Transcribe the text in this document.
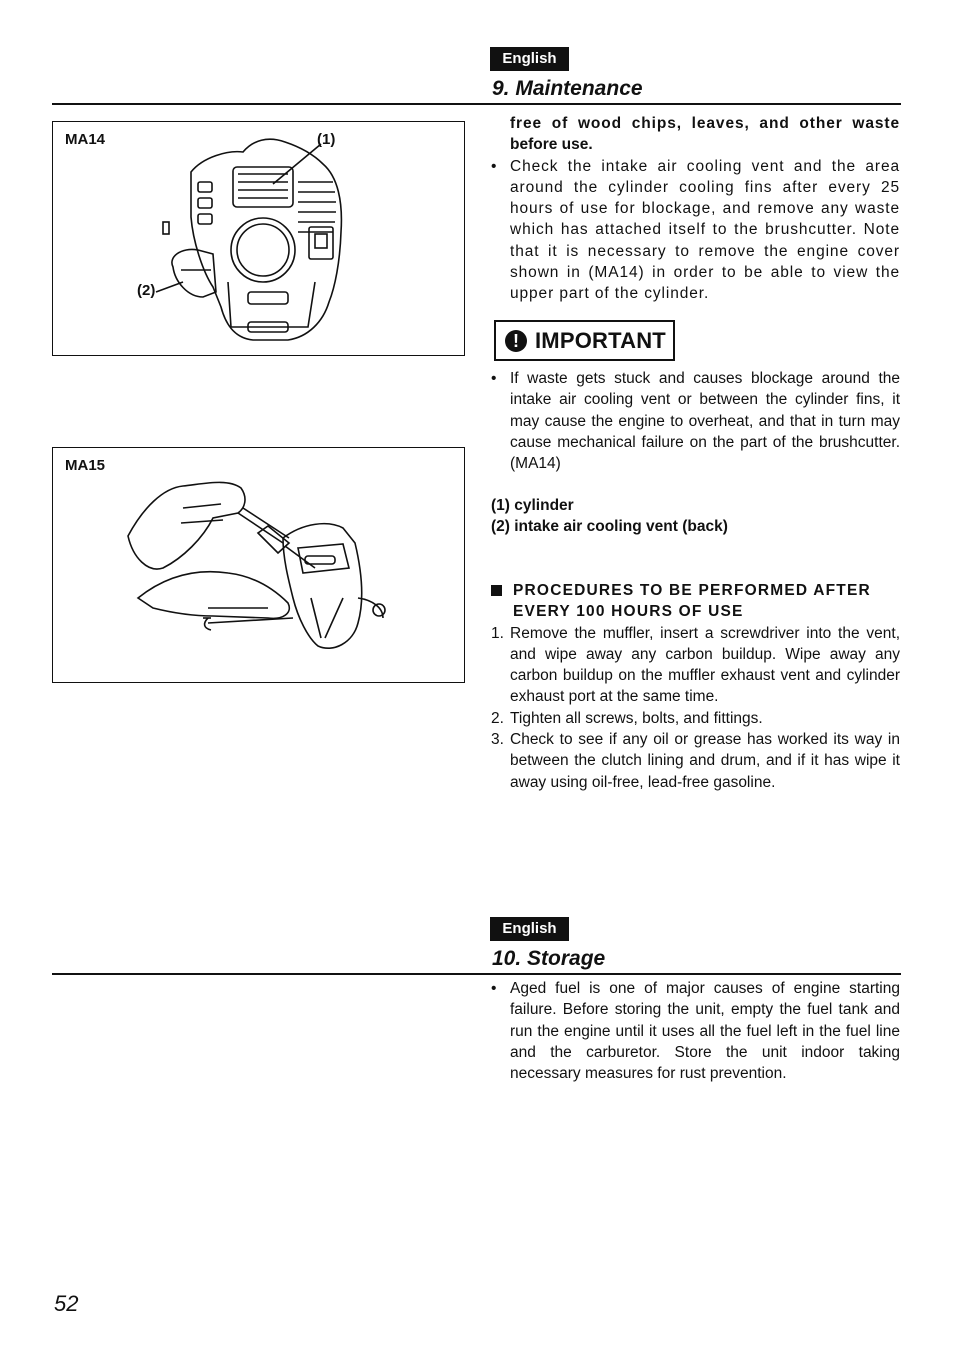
English
9. Maintenance
MA14	(1)
(2)
MA15
free of wood chips, leaves, and other waste
before use.
• Check the intake air cooling vent and the area around the cylinder cooling fins after every 25 hours of use for blockage, and remove any waste which has attached itself to the brushcutter. Note that it is necessary to remove the engine cover shown in (MA14) in order to be able to view the upper part of the cylinder.
! IMPORTANT
• If waste gets stuck and causes blockage around the intake air cooling vent or between the cylinder fins, it may cause the engine to overheat, and that in turn may cause mechanical failure on the part of the brushcutter. (MA14)
(1) cylinder
(2) intake air cooling vent (back)
PROCEDURES TO BE PERFORMED AFTER
EVERY 100 HOURS OF USE
1. Remove the muffler, insert a screwdriver into the vent, and wipe away any carbon buildup. Wipe away any carbon buildup on the muffler exhaust vent and cylinder exhaust port at the same time.
2. Tighten all screws, bolts, and fittings.
3. Check to see if any oil or grease has worked its way in between the clutch lining and drum, and if it has wipe it away using oil-free, lead-free gasoline.
English
10. Storage
• Aged fuel is one of major causes of engine starting failure. Before storing the unit, empty the fuel tank and run the engine until it uses all the fuel left in the fuel line and the carburetor. Store the unit indoor taking necessary measures for rust prevention.
52
